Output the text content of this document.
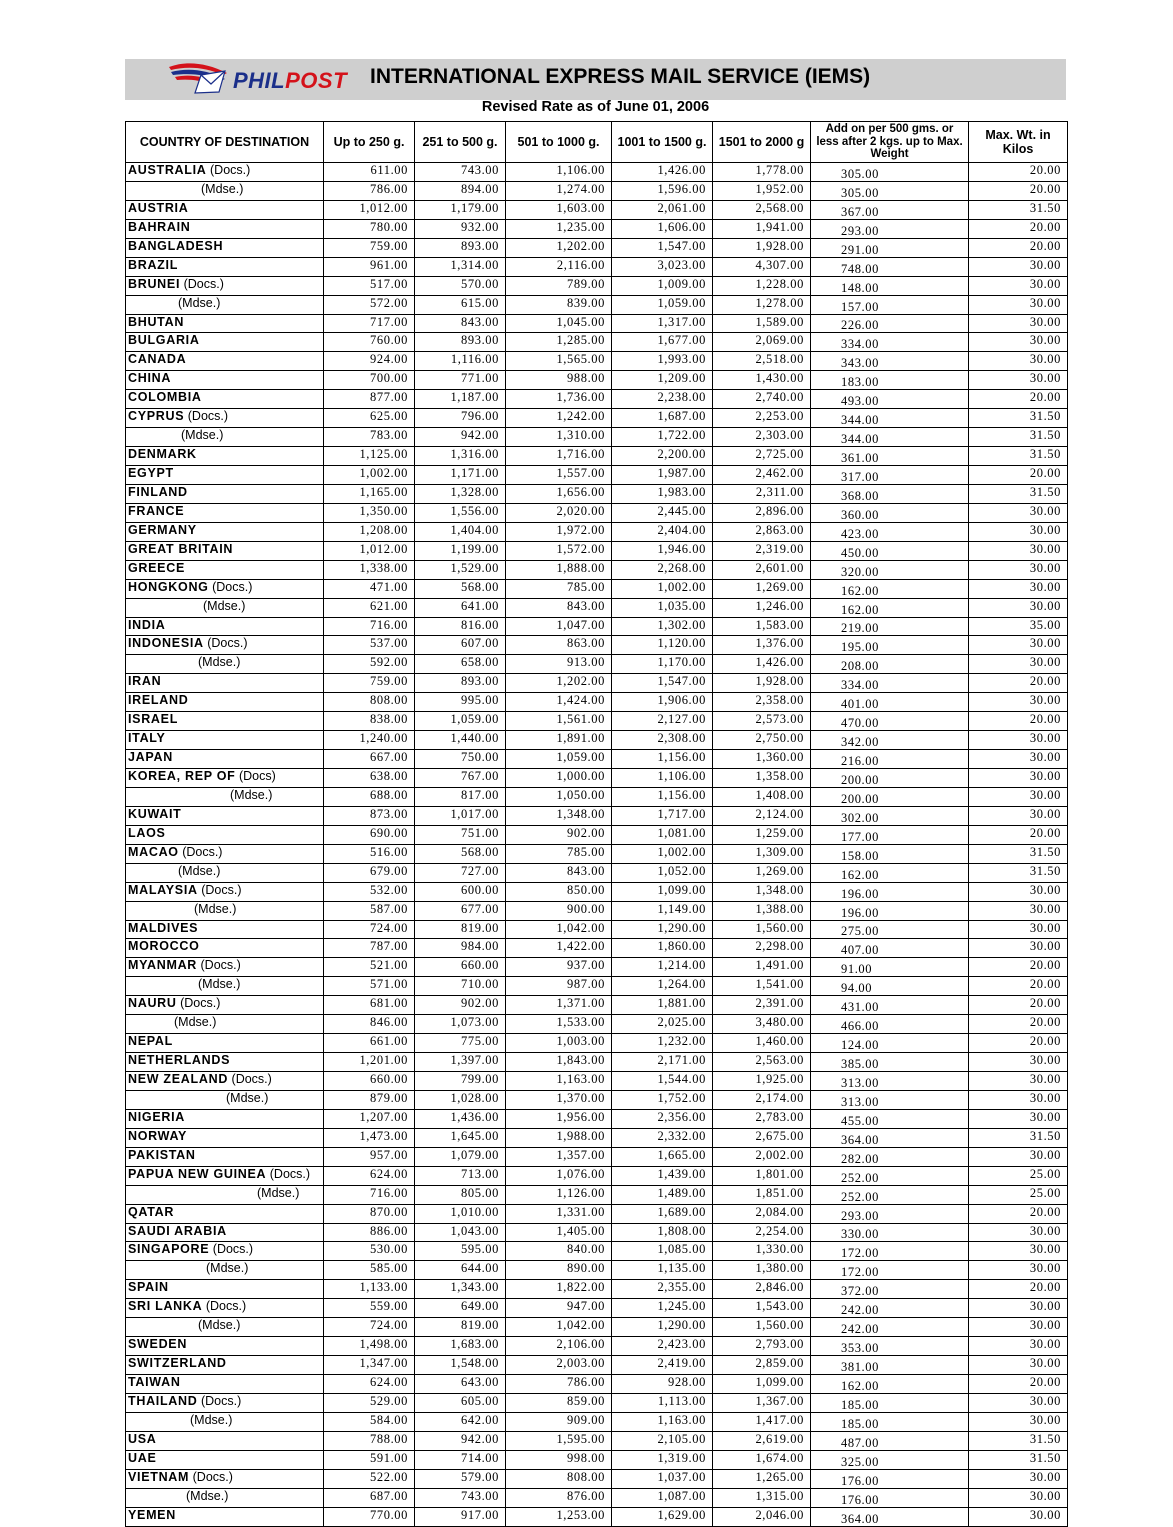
PHILPOST INTERNATIONAL EXPRESS MAIL SERVICE (IEMS)
Revised Rate as of June 01, 2006
COUNTRY OF DESTINATION	Up to 250 g.	251 to 500 g.	501 to 1000 g.	1001 to 1500 g.	1501 to 2000 g	Add on per 500 gms. or less after 2 kgs. up to Max. Weight	Max. Wt. in Kilos
AUSTRALIA (Docs.)	611.00	743.00	1,106.00	1,426.00	1,778.00	305.00	20.00
(Mdse.)	786.00	894.00	1,274.00	1,596.00	1,952.00	305.00	20.00
AUSTRIA	1,012.00	1,179.00	1,603.00	2,061.00	2,568.00	367.00	31.50
BAHRAIN	780.00	932.00	1,235.00	1,606.00	1,941.00	293.00	20.00
BANGLADESH	759.00	893.00	1,202.00	1,547.00	1,928.00	291.00	20.00
BRAZIL	961.00	1,314.00	2,116.00	3,023.00	4,307.00	748.00	30.00
BRUNEI (Docs.)	517.00	570.00	789.00	1,009.00	1,228.00	148.00	30.00
(Mdse.)	572.00	615.00	839.00	1,059.00	1,278.00	157.00	30.00
BHUTAN	717.00	843.00	1,045.00	1,317.00	1,589.00	226.00	30.00
BULGARIA	760.00	893.00	1,285.00	1,677.00	2,069.00	334.00	30.00
CANADA	924.00	1,116.00	1,565.00	1,993.00	2,518.00	343.00	30.00
CHINA	700.00	771.00	988.00	1,209.00	1,430.00	183.00	30.00
COLOMBIA	877.00	1,187.00	1,736.00	2,238.00	2,740.00	493.00	20.00
CYPRUS (Docs.)	625.00	796.00	1,242.00	1,687.00	2,253.00	344.00	31.50
(Mdse.)	783.00	942.00	1,310.00	1,722.00	2,303.00	344.00	31.50
DENMARK	1,125.00	1,316.00	1,716.00	2,200.00	2,725.00	361.00	31.50
EGYPT	1,002.00	1,171.00	1,557.00	1,987.00	2,462.00	317.00	20.00
FINLAND	1,165.00	1,328.00	1,656.00	1,983.00	2,311.00	368.00	31.50
FRANCE	1,350.00	1,556.00	2,020.00	2,445.00	2,896.00	360.00	30.00
GERMANY	1,208.00	1,404.00	1,972.00	2,404.00	2,863.00	423.00	30.00
GREAT BRITAIN	1,012.00	1,199.00	1,572.00	1,946.00	2,319.00	450.00	30.00
GREECE	1,338.00	1,529.00	1,888.00	2,268.00	2,601.00	320.00	30.00
HONGKONG (Docs.)	471.00	568.00	785.00	1,002.00	1,269.00	162.00	30.00
(Mdse.)	621.00	641.00	843.00	1,035.00	1,246.00	162.00	30.00
INDIA	716.00	816.00	1,047.00	1,302.00	1,583.00	219.00	35.00
INDONESIA (Docs.)	537.00	607.00	863.00	1,120.00	1,376.00	195.00	30.00
(Mdse.)	592.00	658.00	913.00	1,170.00	1,426.00	208.00	30.00
IRAN	759.00	893.00	1,202.00	1,547.00	1,928.00	334.00	20.00
IRELAND	808.00	995.00	1,424.00	1,906.00	2,358.00	401.00	30.00
ISRAEL	838.00	1,059.00	1,561.00	2,127.00	2,573.00	470.00	20.00
ITALY	1,240.00	1,440.00	1,891.00	2,308.00	2,750.00	342.00	30.00
JAPAN	667.00	750.00	1,059.00	1,156.00	1,360.00	216.00	30.00
KOREA, REP OF (Docs)	638.00	767.00	1,000.00	1,106.00	1,358.00	200.00	30.00
(Mdse.)	688.00	817.00	1,050.00	1,156.00	1,408.00	200.00	30.00
KUWAIT	873.00	1,017.00	1,348.00	1,717.00	2,124.00	302.00	30.00
LAOS	690.00	751.00	902.00	1,081.00	1,259.00	177.00	20.00
MACAO (Docs.)	516.00	568.00	785.00	1,002.00	1,309.00	158.00	31.50
(Mdse.)	679.00	727.00	843.00	1,052.00	1,269.00	162.00	31.50
MALAYSIA (Docs.)	532.00	600.00	850.00	1,099.00	1,348.00	196.00	30.00
(Mdse.)	587.00	677.00	900.00	1,149.00	1,388.00	196.00	30.00
MALDIVES	724.00	819.00	1,042.00	1,290.00	1,560.00	275.00	30.00
MOROCCO	787.00	984.00	1,422.00	1,860.00	2,298.00	407.00	30.00
MYANMAR (Docs.)	521.00	660.00	937.00	1,214.00	1,491.00	91.00	20.00
(Mdse.)	571.00	710.00	987.00	1,264.00	1,541.00	94.00	20.00
NAURU (Docs.)	681.00	902.00	1,371.00	1,881.00	2,391.00	431.00	20.00
(Mdse.)	846.00	1,073.00	1,533.00	2,025.00	3,480.00	466.00	20.00
NEPAL	661.00	775.00	1,003.00	1,232.00	1,460.00	124.00	20.00
NETHERLANDS	1,201.00	1,397.00	1,843.00	2,171.00	2,563.00	385.00	30.00
NEW ZEALAND (Docs.)	660.00	799.00	1,163.00	1,544.00	1,925.00	313.00	30.00
(Mdse.)	879.00	1,028.00	1,370.00	1,752.00	2,174.00	313.00	30.00
NIGERIA	1,207.00	1,436.00	1,956.00	2,356.00	2,783.00	455.00	30.00
NORWAY	1,473.00	1,645.00	1,988.00	2,332.00	2,675.00	364.00	31.50
PAKISTAN	957.00	1,079.00	1,357.00	1,665.00	2,002.00	282.00	30.00
PAPUA NEW GUINEA (Docs.)	624.00	713.00	1,076.00	1,439.00	1,801.00	252.00	25.00
(Mdse.)	716.00	805.00	1,126.00	1,489.00	1,851.00	252.00	25.00
QATAR	870.00	1,010.00	1,331.00	1,689.00	2,084.00	293.00	20.00
SAUDI ARABIA	886.00	1,043.00	1,405.00	1,808.00	2,254.00	330.00	30.00
SINGAPORE (Docs.)	530.00	595.00	840.00	1,085.00	1,330.00	172.00	30.00
(Mdse.)	585.00	644.00	890.00	1,135.00	1,380.00	172.00	30.00
SPAIN	1,133.00	1,343.00	1,822.00	2,355.00	2,846.00	372.00	20.00
SRI LANKA (Docs.)	559.00	649.00	947.00	1,245.00	1,543.00	242.00	30.00
(Mdse.)	724.00	819.00	1,042.00	1,290.00	1,560.00	242.00	30.00
SWEDEN	1,498.00	1,683.00	2,106.00	2,423.00	2,793.00	353.00	30.00
SWITZERLAND	1,347.00	1,548.00	2,003.00	2,419.00	2,859.00	381.00	30.00
TAIWAN	624.00	643.00	786.00	928.00	1,099.00	162.00	20.00
THAILAND (Docs.)	529.00	605.00	859.00	1,113.00	1,367.00	185.00	30.00
(Mdse.)	584.00	642.00	909.00	1,163.00	1,417.00	185.00	30.00
USA	788.00	942.00	1,595.00	2,105.00	2,619.00	487.00	31.50
UAE	591.00	714.00	998.00	1,319.00	1,674.00	325.00	31.50
VIETNAM (Docs.)	522.00	579.00	808.00	1,037.00	1,265.00	176.00	30.00
(Mdse.)	687.00	743.00	876.00	1,087.00	1,315.00	176.00	30.00
YEMEN	770.00	917.00	1,253.00	1,629.00	2,046.00	364.00	30.00
